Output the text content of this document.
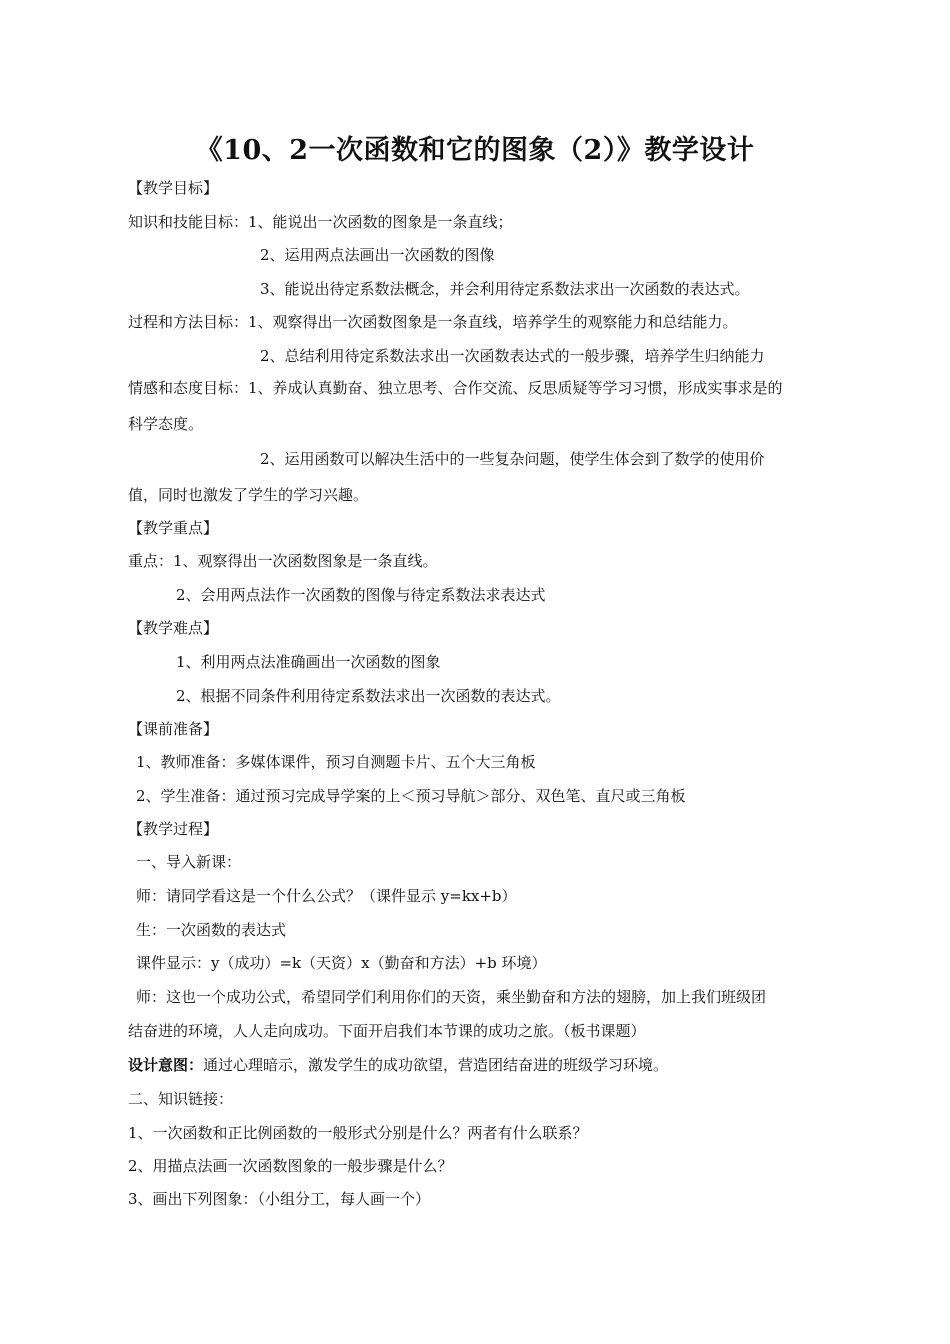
《10、2一次函数和它的图象（2）》教学设计
【教学目标】
知识和技能目标：1、能说出一次函数的图象是一条直线；
2、运用两点法画出一次函数的图像
3、能说出待定系数法概念，并会利用待定系数法求出一次函数的表达式。
过程和方法目标：1、观察得出一次函数图象是一条直线，培养学生的观察能力和总结能力。
2、总结利用待定系数法求出一次函数表达式的一般步骤，培养学生归纳能力
情感和态度目标：1、养成认真勤奋、独立思考、合作交流、反思质疑等学习习惯，形成实事求是的
科学态度。
2、运用函数可以解决生活中的一些复杂问题，使学生体会到了数学的使用价
值，同时也激发了学生的学习兴趣。
【教学重点】
重点：1、观察得出一次函数图象是一条直线。
2、会用两点法作一次函数的图像与待定系数法求表达式
【教学难点】
1、利用两点法准确画出一次函数的图象
2、根据不同条件利用待定系数法求出一次函数的表达式。
【课前准备】
1、教师准备：多媒体课件，预习自测题卡片、五个大三角板
2、学生准备：通过预习完成导学案的上＜预习导航＞部分、双色笔、直尺或三角板
【教学过程】
一、导入新课：
师：请同学看这是一个什么公式？（课件显示 y=kx+b）
生：一次函数的表达式
课件显示：y（成功）=k（天资）x（勤奋和方法）+b 环境）
师：这也一个成功公式，希望同学们利用你们的天资，乘坐勤奋和方法的翅膀，加上我们班级团
结奋进的环境，人人走向成功。下面开启我们本节课的成功之旅。（板书课题）
设计意图：通过心理暗示，激发学生的成功欲望，营造团结奋进的班级学习环境。
二、知识链接：
1、一次函数和正比例函数的一般形式分别是什么？两者有什么联系？
2、用描点法画一次函数图象的一般步骤是什么？
3、画出下列图象：（小组分工，每人画一个）
